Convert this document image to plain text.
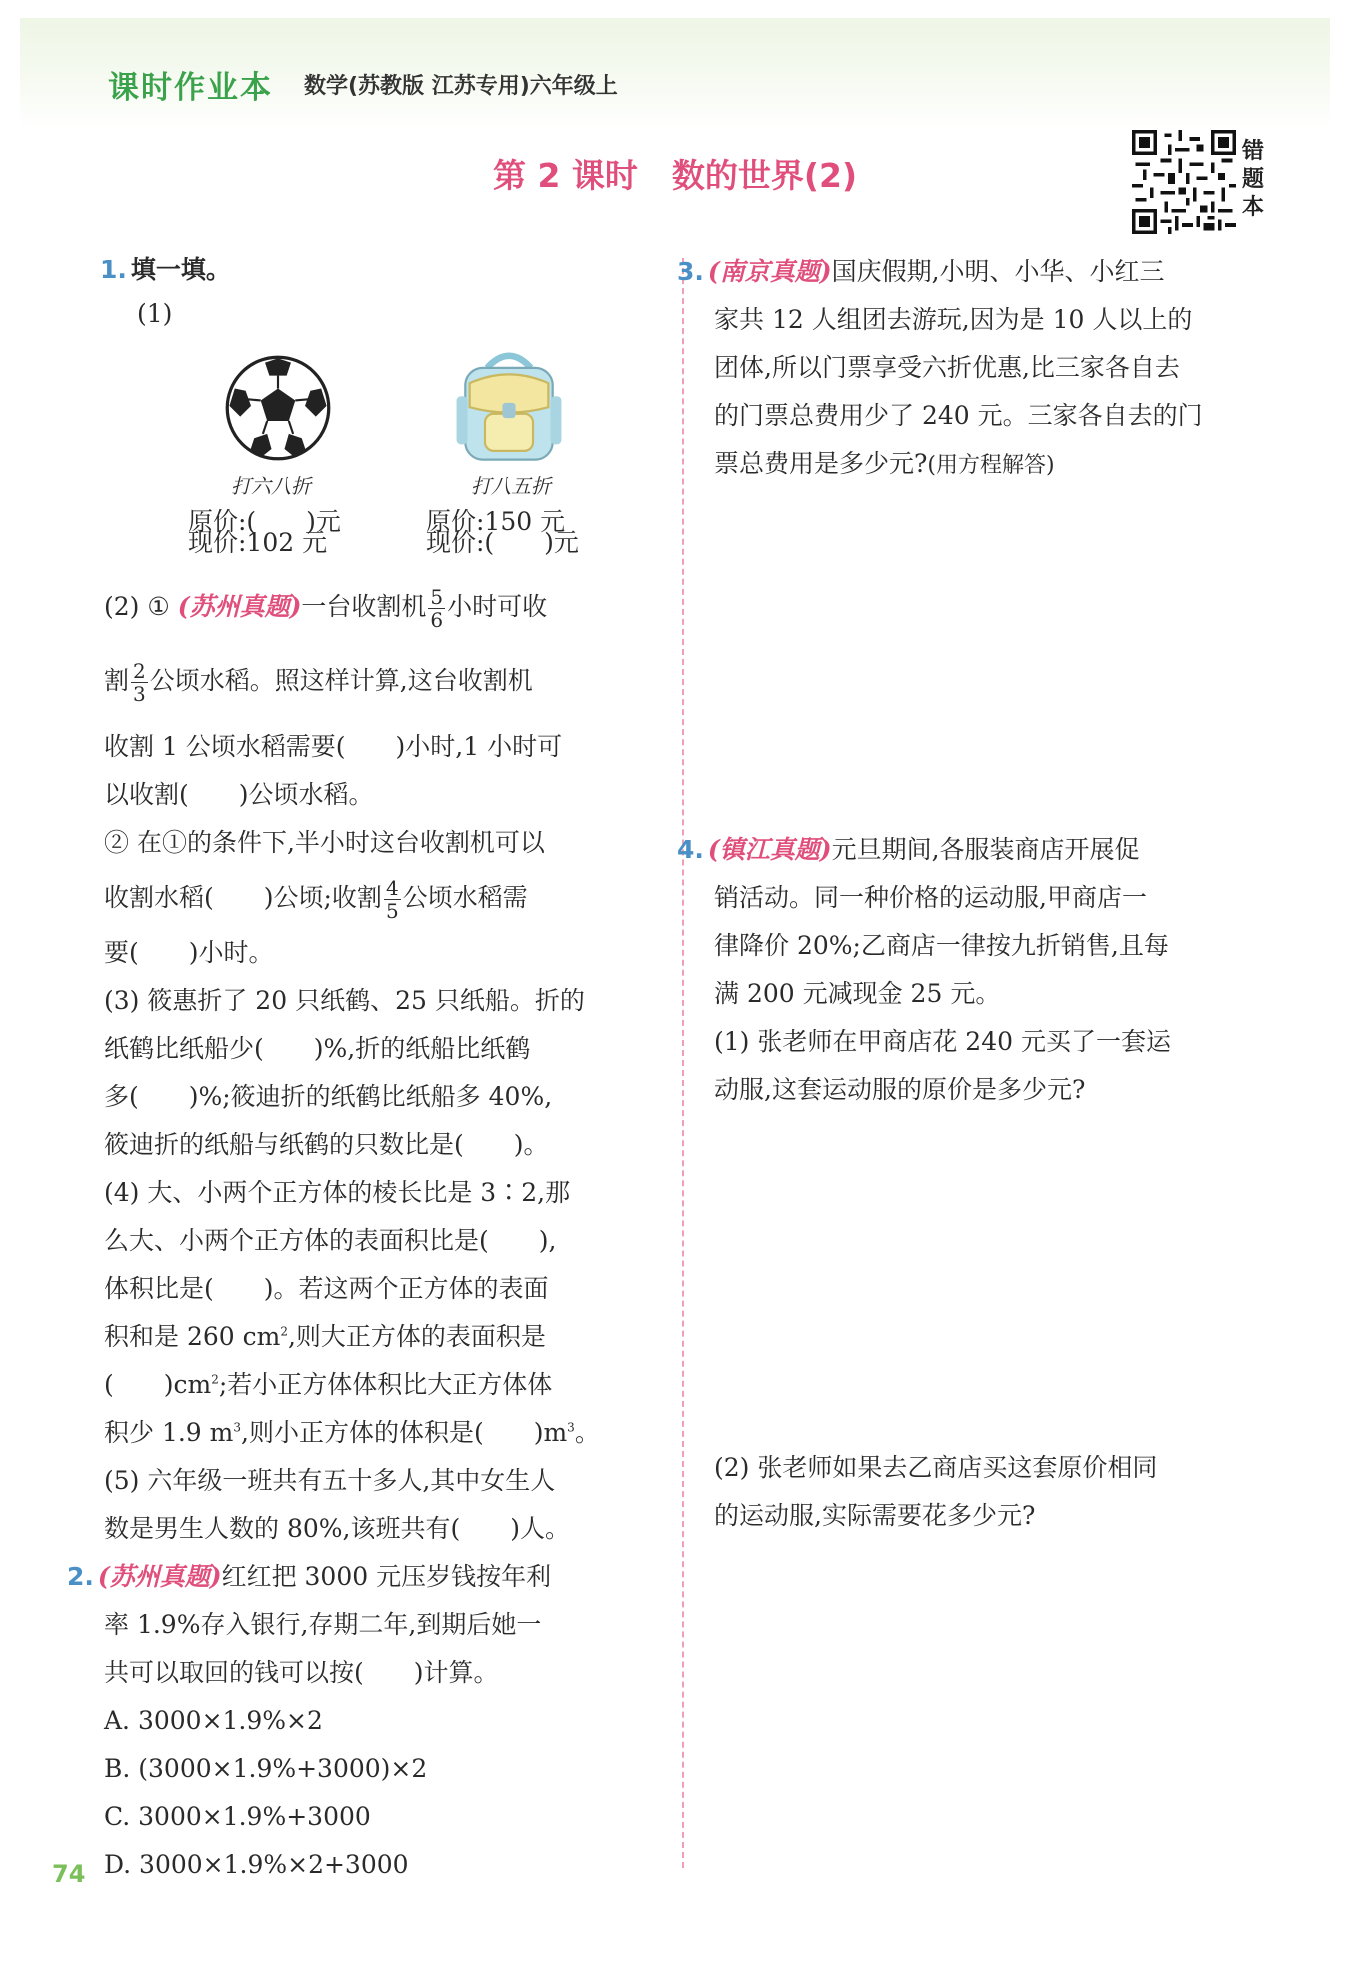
课时作业本 数学(苏教版 江苏专用)六年级上
第 2 课时 数的世界(2)
错
题
本
1. 填一填。
(1)
打六八折	打八五折
原价:(　　)元	原价:150 元
现价:102 元	现价:(　　)元
(2) ① (苏州真题)一台收割机 $\frac{5}{6}$ 小时可收
割 $\frac{2}{3}$ 公顷水稻。照这样计算,这台收割机
收割 1 公顷水稻需要(　　)小时,1 小时可
以收割(　　)公顷水稻。
② 在①的条件下,半小时这台收割机可以
收割水稻(　　)公顷;收割 $\frac{4}{5}$ 公顷水稻需
要(　　)小时。
(3) 筱惠折了 20 只纸鹤、25 只纸船。折的
纸鹤比纸船少(　　)%,折的纸船比纸鹤
多(　　)%;筱迪折的纸鹤比纸船多 40%,
筱迪折的纸船与纸鹤的只数比是(　　)。
(4) 大、小两个正方体的棱长比是 3∶2,那
么大、小两个正方体的表面积比是(　　),
体积比是(　　)。若这两个正方体的表面
积和是 260 $cm^2$,则大正方体的表面积是
(　　)$cm^2$;若小正方体体积比大正方体体
积少 1.9 $m^3$,则小正方体的体积是(　　)$m^3$。
(5) 六年级一班共有五十多人,其中女生人
数是男生人数的 80%,该班共有(　　)人。
2. (苏州真题)红红把 3000 元压岁钱按年利
率 1.9%存入银行,存期二年,到期后她一
共可以取回的钱可以按(　　)计算。
A. 3000×1.9%×2
B. (3000×1.9%+3000)×2
C. 3000×1.9%+3000
D. 3000×1.9%×2+3000
3. (南京真题)国庆假期,小明、小华、小红三
家共 12 人组团去游玩,因为是 10 人以上的
团体,所以门票享受六折优惠,比三家各自去
的门票总费用少了 240 元。三家各自去的门
票总费用是多少元?(用方程解答)
4. (镇江真题)元旦期间,各服装商店开展促
销活动。同一种价格的运动服,甲商店一
律降价 20%;乙商店一律按九折销售,且每
满 200 元减现金 25 元。
(1) 张老师在甲商店花 240 元买了一套运
动服,这套运动服的原价是多少元?
(2) 张老师如果去乙商店买这套原价相同
的运动服,实际需要花多少元?
74
